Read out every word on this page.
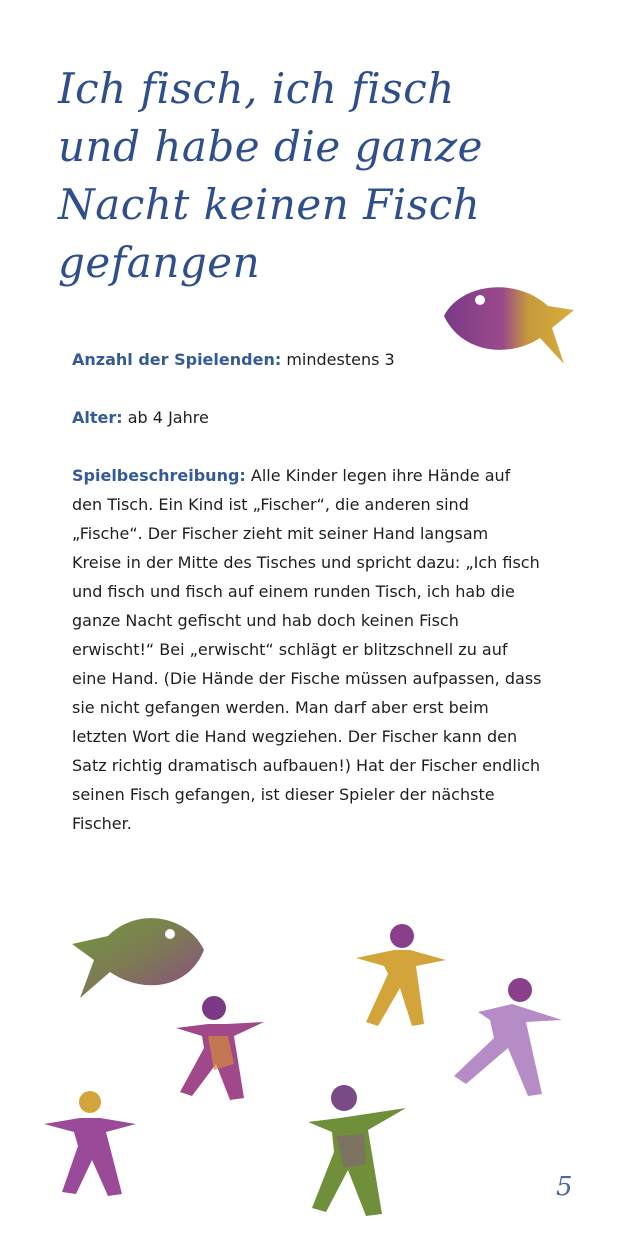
Ich fisch, ich fisch
und habe die ganze
Nacht keinen Fisch
gefangen

Anzahl der Spielenden: mindestens 3

Alter: ab 4 Jahre

Spielbeschreibung: Alle Kinder legen ihre Hände auf den Tisch. Ein Kind ist „Fischer“, die anderen sind „Fische“. Der Fischer zieht mit seiner Hand langsam Kreise in der Mitte des Tisches und spricht dazu: „Ich fisch und fisch und fisch auf einem runden Tisch, ich hab die ganze Nacht gefischt und hab doch keinen Fisch erwischt!“ Bei „erwischt“ schlägt er blitzschnell zu auf eine Hand. (Die Hände der Fische müssen aufpassen, dass sie nicht gefangen werden. Man darf aber erst beim letzten Wort die Hand wegziehen. Der Fischer kann den Satz richtig dramatisch aufbauen!) Hat der Fischer endlich seinen Fisch gefangen, ist dieser Spieler der nächste Fischer.

5
